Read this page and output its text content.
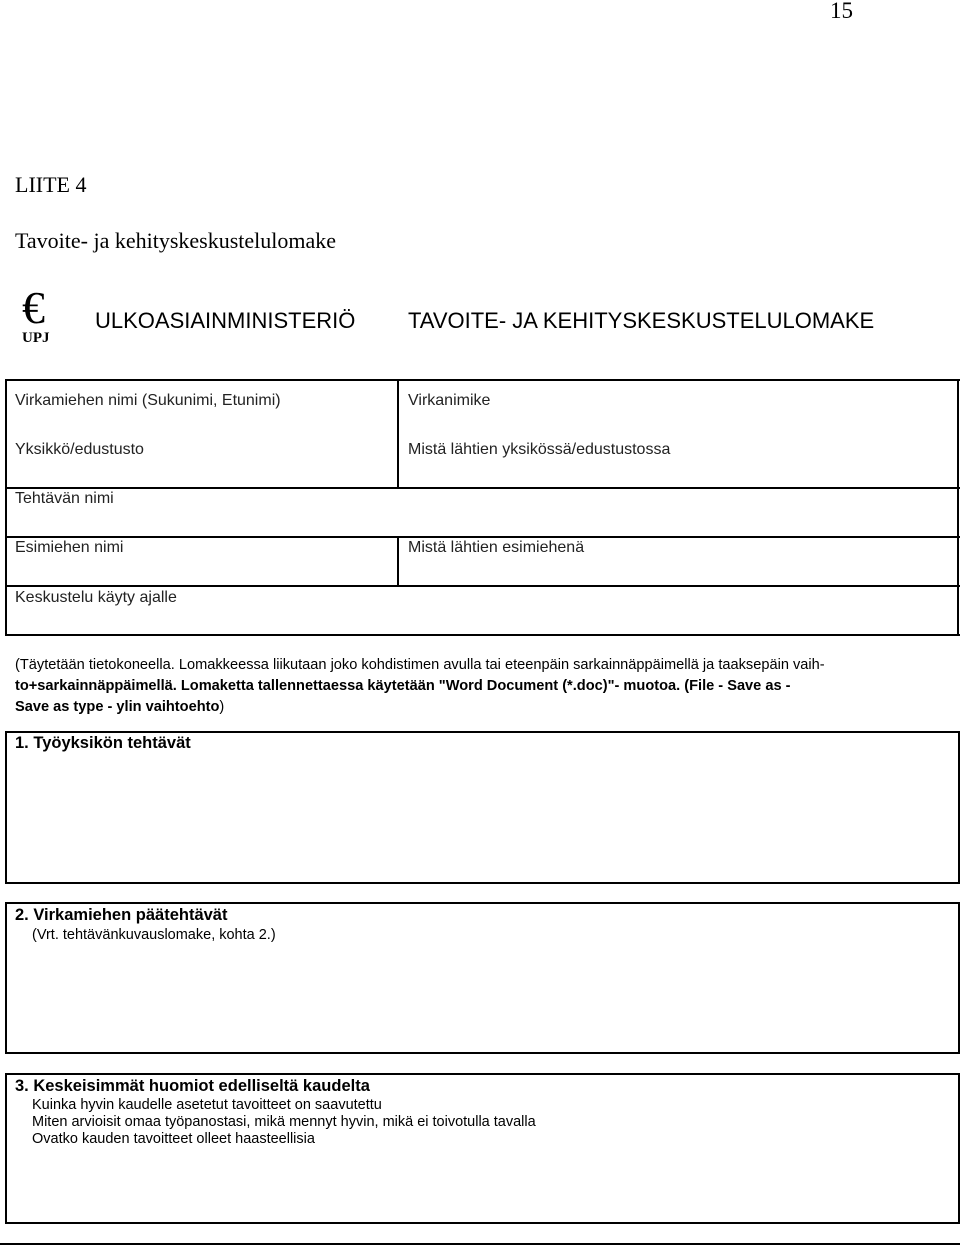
15
LIITE 4
Tavoite- ja kehityskeskustelulomake
€
UPJ
ULKOASIAINMINISTERIÖ TAVOITE- JA KEHITYSKESKUSTELULOMAKE
Virkamiehen nimi (Sukunimi, Etunimi)	Virkanimike
Yksikkö/edustusto	Mistä lähtien yksikössä/edustustossa
Tehtävän nimi
Esimiehen nimi	Mistä lähtien esimiehenä
Keskustelu käyty ajalle
(Täytetään tietokoneella. Lomakkeessa liikutaan joko kohdistimen avulla tai eteenpäin sarkainnäppäimellä ja taaksepäin vaih-
to+sarkainnäppäimellä. Lomaketta tallennettaessa käytetään "Word Document (*.doc)"- muotoa. (File - Save as -
Save as type - ylin vaihtoehto)
1. Työyksikön tehtävät
2. Virkamiehen päätehtävät
(Vrt. tehtävänkuvauslomake, kohta 2.)
3. Keskeisimmät huomiot edelliseltä kaudelta
Kuinka hyvin kaudelle asetetut tavoitteet on saavutettu
Miten arvioisit omaa työpanostasi, mikä mennyt hyvin, mikä ei toivotulla tavalla
Ovatko kauden tavoitteet olleet haasteellisia
